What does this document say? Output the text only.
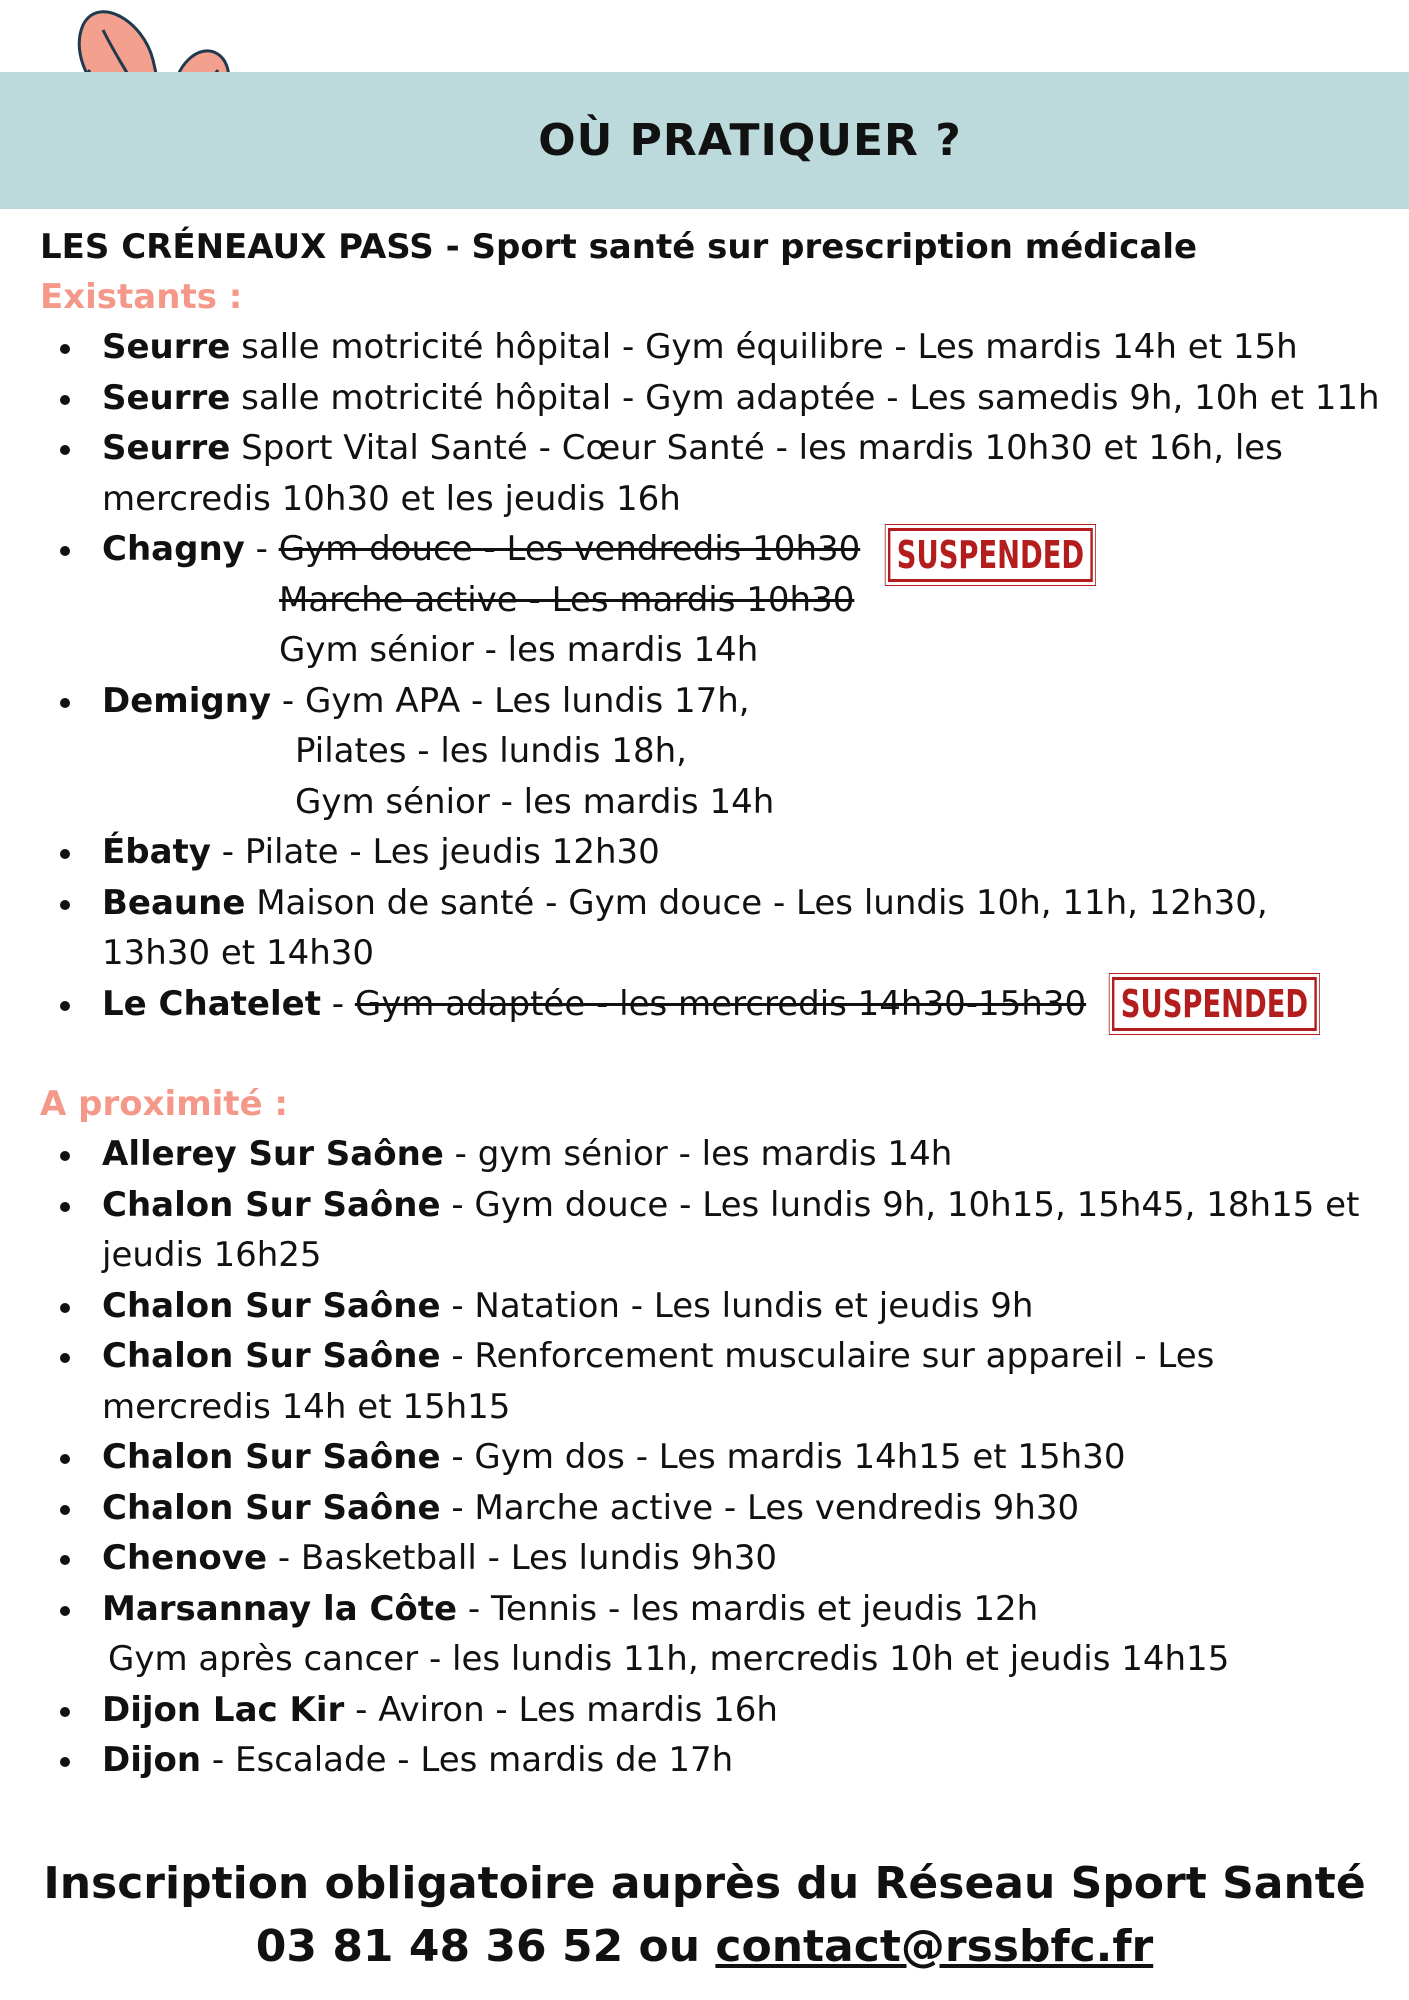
OÙ PRATIQUER ?

LES CRÉNEAUX PASS - Sport santé sur prescription médicale

Existants :

Seurre salle motricité hôpital - Gym équilibre - Les mardis 14h et 15h
Seurre salle motricité hôpital - Gym adaptée - Les samedis 9h, 10h et 11h
Seurre Sport Vital Santé - Cœur Santé - les mardis 10h30 et 16h, les
mercredis 10h30 et les jeudis 16h
Chagny - Gym douce - Les vendredis 10h30
Marche active - Les mardis 10h30
Gym sénior - les mardis 14h
SUSPENDED
Demigny - Gym APA - Les lundis 17h,
Pilates - les lundis 18h,
Gym sénior - les mardis 14h
Ébaty - Pilate - Les jeudis 12h30
Beaune Maison de santé - Gym douce - Les lundis 10h, 11h, 12h30,
13h30 et 14h30
Le Chatelet - Gym adaptée - les mercredis 14h30-15h30 SUSPENDED

A proximité :

Allerey Sur Saône - gym sénior - les mardis 14h
Chalon Sur Saône - Gym douce - Les lundis 9h, 10h15, 15h45, 18h15 et
jeudis 16h25
Chalon Sur Saône - Natation - Les lundis et jeudis 9h
Chalon Sur Saône - Renforcement musculaire sur appareil - Les
mercredis 14h et 15h15
Chalon Sur Saône - Gym dos - Les mardis 14h15 et 15h30
Chalon Sur Saône - Marche active - Les vendredis 9h30
Chenove - Basketball - Les lundis 9h30
Marsannay la Côte - Tennis - les mardis et jeudis 12h
Gym après cancer - les lundis 11h, mercredis 10h et jeudis 14h15
Dijon Lac Kir - Aviron - Les mardis 16h
Dijon - Escalade - Les mardis de 17h
Inscription obligatoire auprès du Réseau Sport Santé
03 81 48 36 52 ou contact@rssbfc.fr
